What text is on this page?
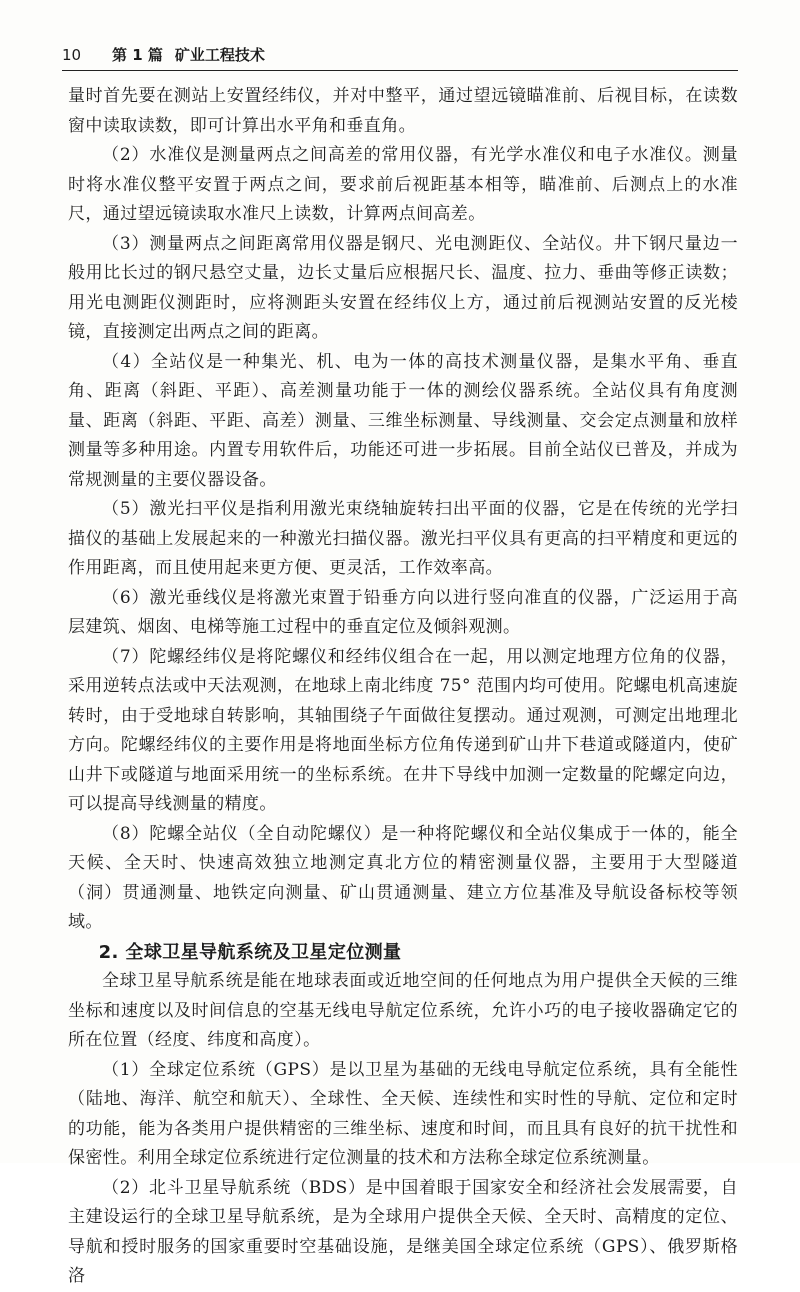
10 第 1 篇 矿业工程技术

量时首先要在测站上安置经纬仪，并对中整平，通过望远镜瞄准前、后视目标，在读数窗中读取读数，即可计算出水平角和垂直角。

（2）水准仪是测量两点之间高差的常用仪器，有光学水准仪和电子水准仪。测量时将水准仪整平安置于两点之间，要求前后视距基本相等，瞄准前、后测点上的水准尺，通过望远镜读取水准尺上读数，计算两点间高差。

（3）测量两点之间距离常用仪器是钢尺、光电测距仪、全站仪。井下钢尺量边一般用比长过的钢尺悬空丈量，边长丈量后应根据尺长、温度、拉力、垂曲等修正读数；用光电测距仪测距时，应将测距头安置在经纬仪上方，通过前后视测站安置的反光棱镜，直接测定出两点之间的距离。

（4）全站仪是一种集光、机、电为一体的高技术测量仪器，是集水平角、垂直角、距离（斜距、平距）、高差测量功能于一体的测绘仪器系统。全站仪具有角度测量、距离（斜距、平距、高差）测量、三维坐标测量、导线测量、交会定点测量和放样测量等多种用途。内置专用软件后，功能还可进一步拓展。目前全站仪已普及，并成为常规测量的主要仪器设备。

（5）激光扫平仪是指利用激光束绕轴旋转扫出平面的仪器，它是在传统的光学扫描仪的基础上发展起来的一种激光扫描仪器。激光扫平仪具有更高的扫平精度和更远的作用距离，而且使用起来更方便、更灵活，工作效率高。

（6）激光垂线仪是将激光束置于铅垂方向以进行竖向准直的仪器，广泛运用于高层建筑、烟囱、电梯等施工过程中的垂直定位及倾斜观测。

（7）陀螺经纬仪是将陀螺仪和经纬仪组合在一起，用以测定地理方位角的仪器，采用逆转点法或中天法观测，在地球上南北纬度 75° 范围内均可使用。陀螺电机高速旋转时，由于受地球自转影响，其轴围绕子午面做往复摆动。通过观测，可测定出地理北方向。陀螺经纬仪的主要作用是将地面坐标方位角传递到矿山井下巷道或隧道内，使矿山井下或隧道与地面采用统一的坐标系统。在井下导线中加测一定数量的陀螺定向边，可以提高导线测量的精度。

（8）陀螺全站仪（全自动陀螺仪）是一种将陀螺仪和全站仪集成于一体的，能全天候、全天时、快速高效独立地测定真北方位的精密测量仪器，主要用于大型隧道（洞）贯通测量、地铁定向测量、矿山贯通测量、建立方位基准及导航设备标校等领域。

2. 全球卫星导航系统及卫星定位测量

全球卫星导航系统是能在地球表面或近地空间的任何地点为用户提供全天候的三维坐标和速度以及时间信息的空基无线电导航定位系统，允许小巧的电子接收器确定它的所在位置（经度、纬度和高度）。

（1）全球定位系统（GPS）是以卫星为基础的无线电导航定位系统，具有全能性（陆地、海洋、航空和航天）、全球性、全天候、连续性和实时性的导航、定位和定时的功能，能为各类用户提供精密的三维坐标、速度和时间，而且具有良好的抗干扰性和保密性。利用全球定位系统进行定位测量的技术和方法称全球定位系统测量。

（2）北斗卫星导航系统（BDS）是中国着眼于国家安全和经济社会发展需要，自主建设运行的全球卫星导航系统，是为全球用户提供全天候、全天时、高精度的定位、导航和授时服务的国家重要时空基础设施，是继美国全球定位系统（GPS）、俄罗斯格洛
